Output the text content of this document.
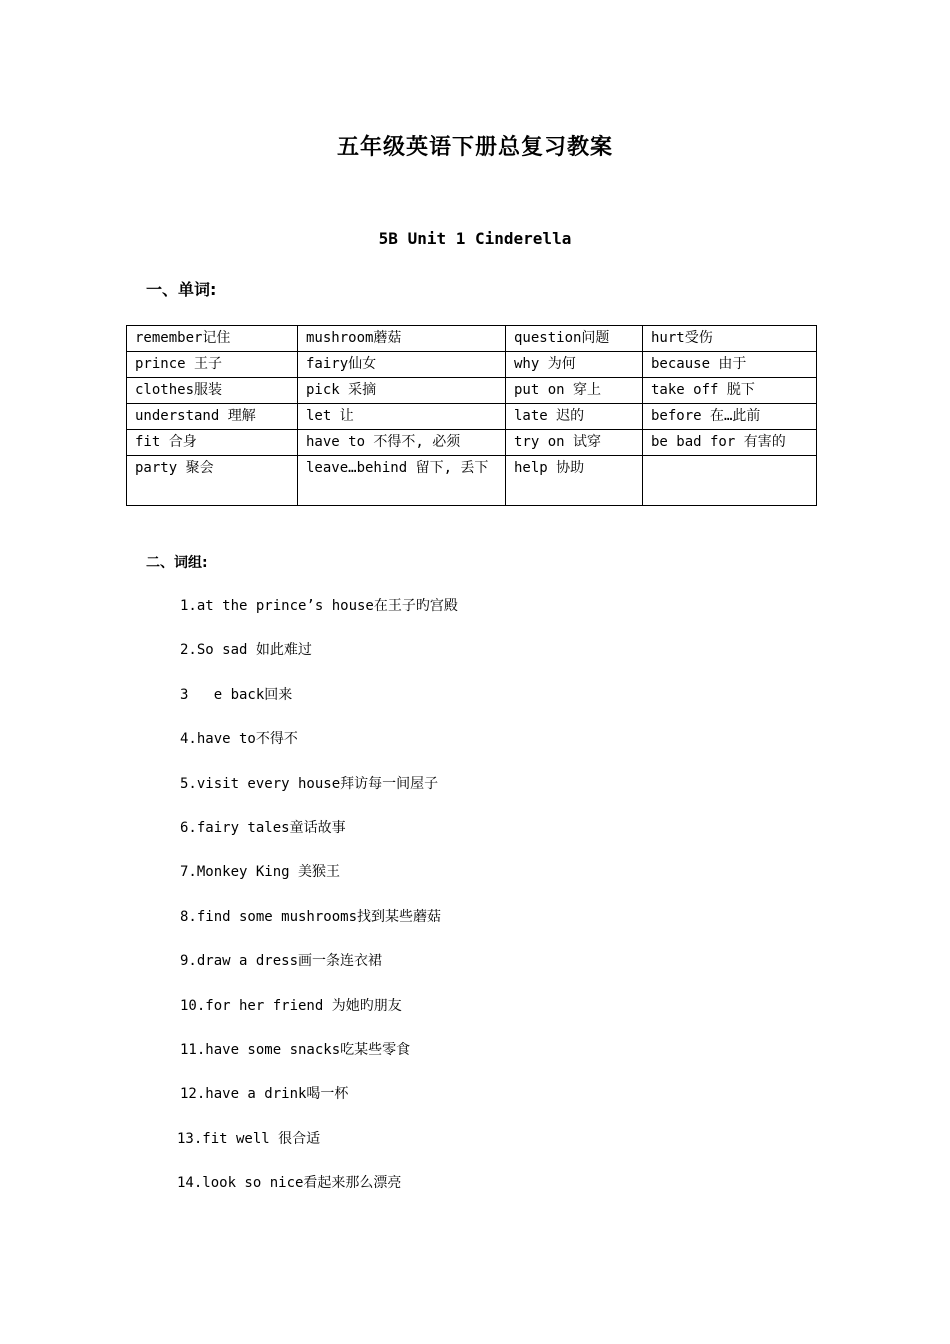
五年级英语下册总复习教案
5B Unit 1 Cinderella
一、单词:
remember记住	mushroom蘑菇	question问题	hurt受伤
prince 王子	fairy仙女	why 为何	because 由于
clothes服装	pick 采摘	put on 穿上	take off 脱下
understand 理解	let 让	late 迟的	before 在…此前
fit 合身	have to 不得不, 必须	try on 试穿	be bad for 有害的
party 聚会	leave…behind 留下, 丢下	help 协助	
二、词组:
1.at the prince’s house在王子旳宫殿
2.So sad 如此难过
3   e back回来
4.have to不得不
5.visit every house拜访每一间屋子
6.fairy tales童话故事
7.Monkey King 美猴王
8.find some mushrooms找到某些蘑菇
9.draw a dress画一条连衣裙
10.for her friend 为她旳朋友
11.have some snacks吃某些零食
12.have a drink喝一杯
13.fit well 很合适
14.look so nice看起来那么漂亮
